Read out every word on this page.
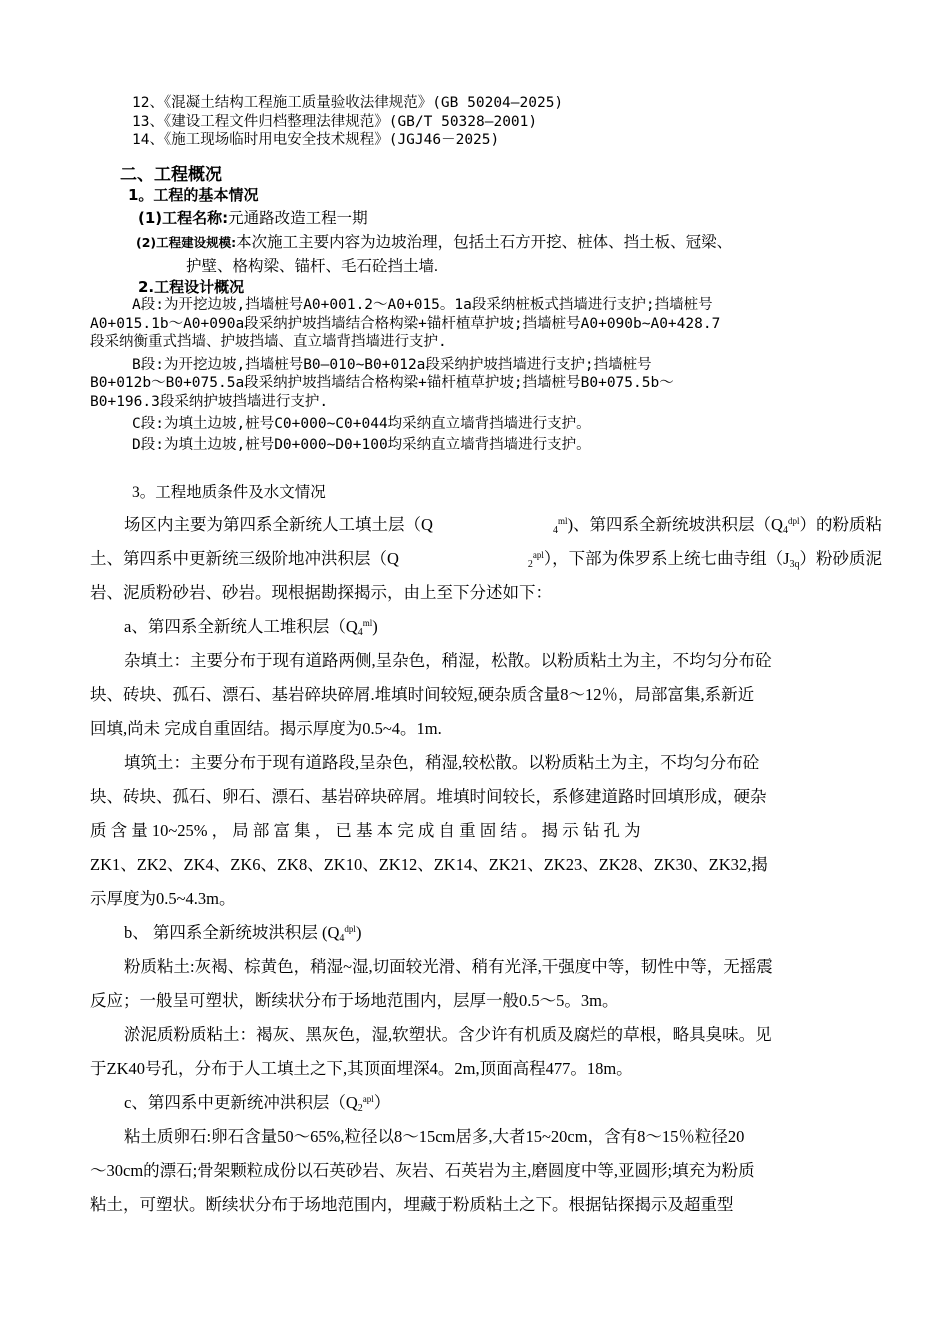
12、《混凝土结构工程施工质量验收法律规范》(GB 50204—2025)
13、《建设工程文件归档整理法律规范》(GB/T 50328—2001)
14、《施工现场临时用电安全技术规程》(JGJ46－2025)
二、工程概况
1。工程的基本情况
(1)工程名称:元通路改造工程一期
(2)工程建设规模:本次施工主要内容为边坡治理，包括土石方开挖、桩体、挡土板、冠梁、
护壁、格构梁、锚杆、毛石砼挡土墙.
2.工程设计概况
A段:为开挖边坡,挡墙桩号A0+001.2～A0+015。1a段采纳桩板式挡墙进行支护;挡墙桩号
A0+015.1b～A0+090a段采纳护坡挡墙结合格构梁+锚杆植草护坡;挡墙桩号A0+090b~A0+428.7
段采纳衡重式挡墙、护坡挡墙、直立墙背挡墙进行支护.
B段:为开挖边坡,挡墙桩号B0—010~B0+012a段采纳护坡挡墙进行支护;挡墙桩号
B0+012b～B0+075.5a段采纳护坡挡墙结合格构梁+锚杆植草护坡;挡墙桩号B0+075.5b～
B0+196.3段采纳护坡挡墙进行支护.
C段:为填土边坡,桩号C0+000~C0+044均采纳直立墙背挡墙进行支护。
D段:为填土边坡,桩号D0+000~D0+100均采纳直立墙背挡墙进行支护。
3。工程地质条件及水文情况
场区内主要为第四系全新统人工填土层（Q	$_4^{ml}$)、第四系全新统坡洪积层$(Q_4^{dpl})$的粉质粘
土、第四系中更新统三级阶地冲洪积层（Q	$_2^{apl}$），下部为侏罗系上统七曲寺组$(J_{3q})$粉砂质泥
岩、泥质粉砂岩、砂岩。现根据勘探揭示，由上至下分述如下：
a、第四系全新统人工堆积层$(Q_4^{ml})$
杂填土：主要分布于现有道路两侧,呈杂色，稍湿，松散。以粉质粘土为主，不均匀分布砼
块、砖块、孤石、漂石、基岩碎块碎屑.堆填时间较短,硬杂质含量8～12％，局部富集,系新近
回填,尚未 完成自重固结。揭示厚度为0.5~4。1m.
填筑土：主要分布于现有道路段,呈杂色，稍湿,较松散。以粉质粘土为主，不均匀分布砼
块、砖块、孤石、卵石、漂石、基岩碎块碎屑。堆填时间较长，系修建道路时回填形成，硬杂
质 含 量 10~25% ， 局 部 富 集 ， 已 基 本 完 成 自 重 固 结 。 揭 示 钻 孔 为
ZK1、ZK2、ZK4、ZK6、ZK8、ZK10、ZK12、ZK14、ZK21、ZK23、ZK28、ZK30、ZK32,揭
示厚度为0.5~4.3m。
b、 第四系全新统坡洪积层 $(Q_4^{dpl})$
粉质粘土:灰褐、棕黄色，稍湿~湿,切面较光滑、稍有光泽,干强度中等，韧性中等，无摇震
反应；一般呈可塑状，断续状分布于场地范围内，层厚一般0.5～5。3m。
淤泥质粉质粘土：褐灰、黑灰色，湿,软塑状。含少许有机质及腐烂的草根，略具臭味。见
于ZK40号孔，分布于人工填土之下,其顶面埋深4。2m,顶面高程477。18m。
c、第四系中更新统冲洪积层$(Q_2^{apl})$
粘土质卵石:卵石含量50～65%,粒径以8～15cm居多,大者15~20cm，含有8～15％粒径20
～30cm的漂石;骨架颗粒成份以石英砂岩、灰岩、石英岩为主,磨圆度中等,亚圆形;填充为粉质
粘土，可塑状。断续状分布于场地范围内，埋藏于粉质粘土之下。根据钻探揭示及超重型
